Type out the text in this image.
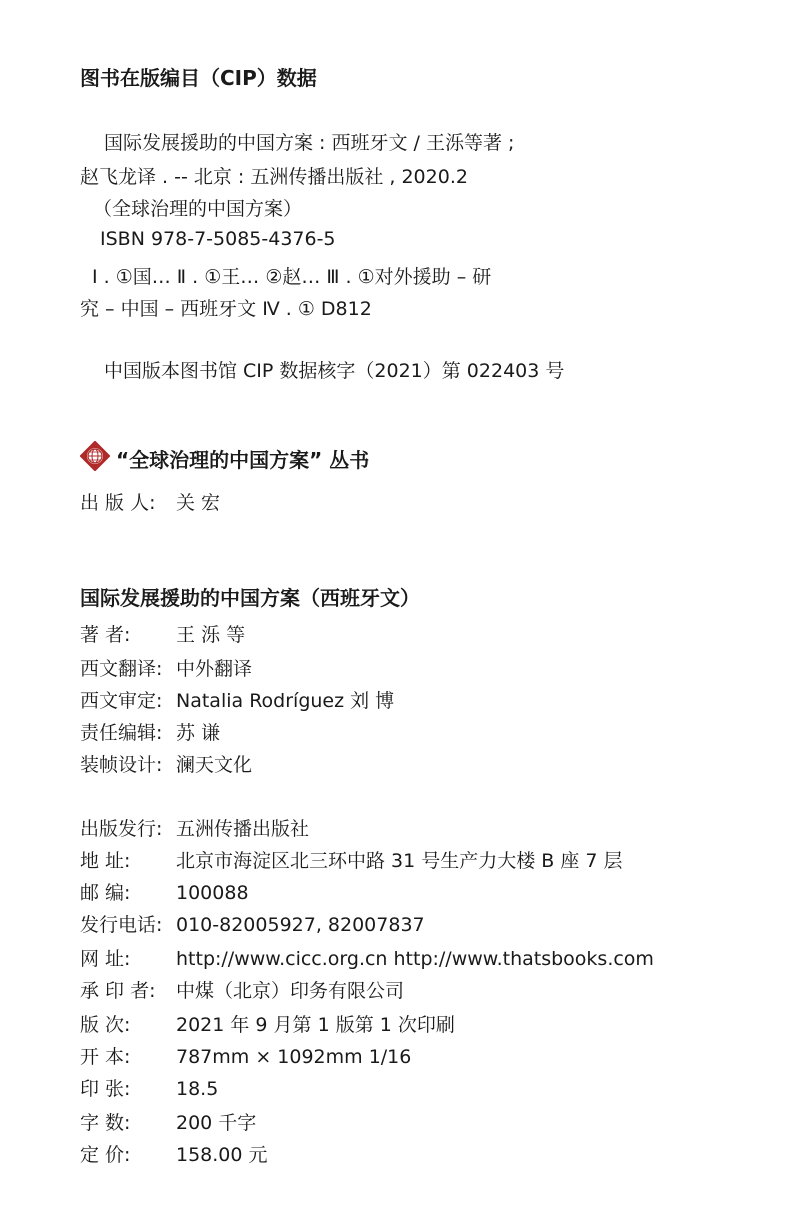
图书在版编目（CIP）数据
国际发展援助的中国方案 : 西班牙文 / 王泺等著 ;
赵飞龙译 . -- 北京 : 五洲传播出版社 , 2020.2
（全球治理的中国方案）
ISBN 978-7-5085-4376-5
Ⅰ . ①国… Ⅱ . ①王… ②赵… Ⅲ . ①对外援助 – 研
究 – 中国 – 西班牙文 Ⅳ . ① D812
中国版本图书馆 CIP 数据核字（2021）第 022403 号
“全球治理的中国方案” 丛书
出 版 人: 关 宏
国际发展援助的中国方案（西班牙文）
著 者: 王 泺 等
西文翻译: 中外翻译
西文审定: Natalia Rodríguez 刘 博
责任编辑: 苏 谦
装帧设计: 澜天文化
出版发行: 五洲传播出版社
地 址: 北京市海淀区北三环中路 31 号生产力大楼 B 座 7 层
邮 编: 100088
发行电话: 010-82005927, 82007837
网 址: http://www.cicc.org.cn http://www.thatsbooks.com
承 印 者: 中煤（北京）印务有限公司
版 次: 2021 年 9 月第 1 版第 1 次印刷
开 本: 787mm × 1092mm 1/16
印 张: 18.5
字 数: 200 千字
定 价: 158.00 元
